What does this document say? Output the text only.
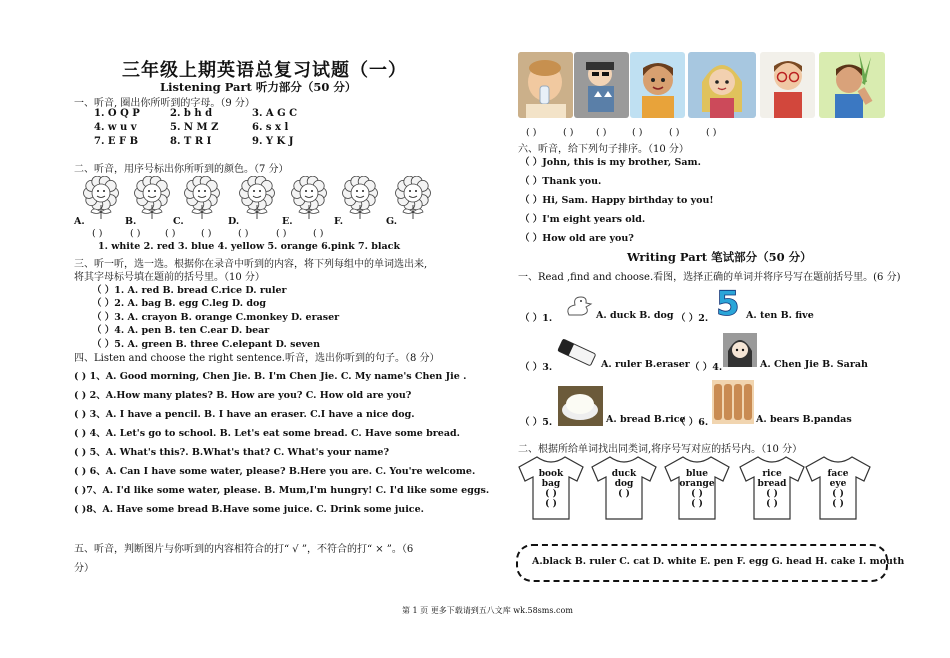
三年级上期英语总复习试题（一）
Listening Part 听力部分（50 分）
一、听音, 圈出你所听到的字母。（9 分）
1. O Q P	2. b h d	3. A G C
4. w u v	5. N M Z	6. s x l
7. E F B	8. T R I	9. Y K J
二、听音，用序号标出你所听到的颜色。（7 分）
A.	B.	C.	D.	E.	F.	G.
( )	( )	( )	( )	( )	( )	( )
1. white 2. red 3. blue 4. yellow 5. orange 6.pink 7. black
三、听一听，选一选。根据你在录音中听到的内容，将下列每组中的单词选出来,
将其字母标号填在题前的括号里。（10 分）
（ ）1. A. red B. bread C.rice D. ruler
（ ）2. A. bag B. egg C.leg D. dog
（ ）3. A. crayon B. orange C.monkey D. eraser
（ ）4. A. pen B. ten C.ear D. bear
（ ）5. A. green B. three C.elepant D. seven
四、Listen and choose the right sentence.听音，选出你听到的句子。（8 分）
( ) 1、A. Good morning, Chen Jie. B. I'm Chen Jie. C. My name's Chen Jie .
( ) 2、A.How many plates? B. How are you? C. How old are you?
( ) 3、A. I have a pencil. B. I have an eraser. C.I have a nice dog.
( ) 4、A. Let's go to school. B. Let's eat some bread. C. Have some bread.
( ) 5、A. What's this?. B.What's that? C. What's your name?
( ) 6、A. Can I have some water, please? B.Here you are. C. You're welcome.
( )7、A. I'd like some water, please. B. Mum,I'm hungry! C. I'd like some eggs.
( )8、A. Have some bread B.Have some juice. C. Drink some juice.
五、听音，判断图片与你听到的内容相符合的打“ √ ”，不符合的打“ × ”。（6
分）
( )	( ) ( )	( )	( )	( )
六、听音，给下列句子排序。（10 分）
（ ）John, this is my brother, Sam.
（ ）Thank you.
（ ）Hi, Sam. Happy birthday to you!
（ ）I'm eight years old.
（ ）How old are you?
Writing Part 笔试部分（50 分）
一、Read ,find and choose.看图，选择正确的单词并将序号写在题前括号里。(6 分)
（ ）1.	A. duck B. dog （ ）2. 5 A. ten B. five
（ ）3.	A. ruler B.eraser （ ）4.	A. Chen Jie B. Sarah
（ ）5.	A. bread B.rice
（ ）6.	A. bears B.pandas
二、根据所给单词找出同类词,将序号写对应的括号内。（10 分）
book
bag
( )
( )
duck
dog
( )
blue
orange
( )
( )
rice
bread
( )
( )
face
eye
( )
( )
A.black B. ruler C. cat D. white E. pen F. egg G. head H. cake I. mouth
第 1 页 更多下载请到五八文库 wk.58sms.com
